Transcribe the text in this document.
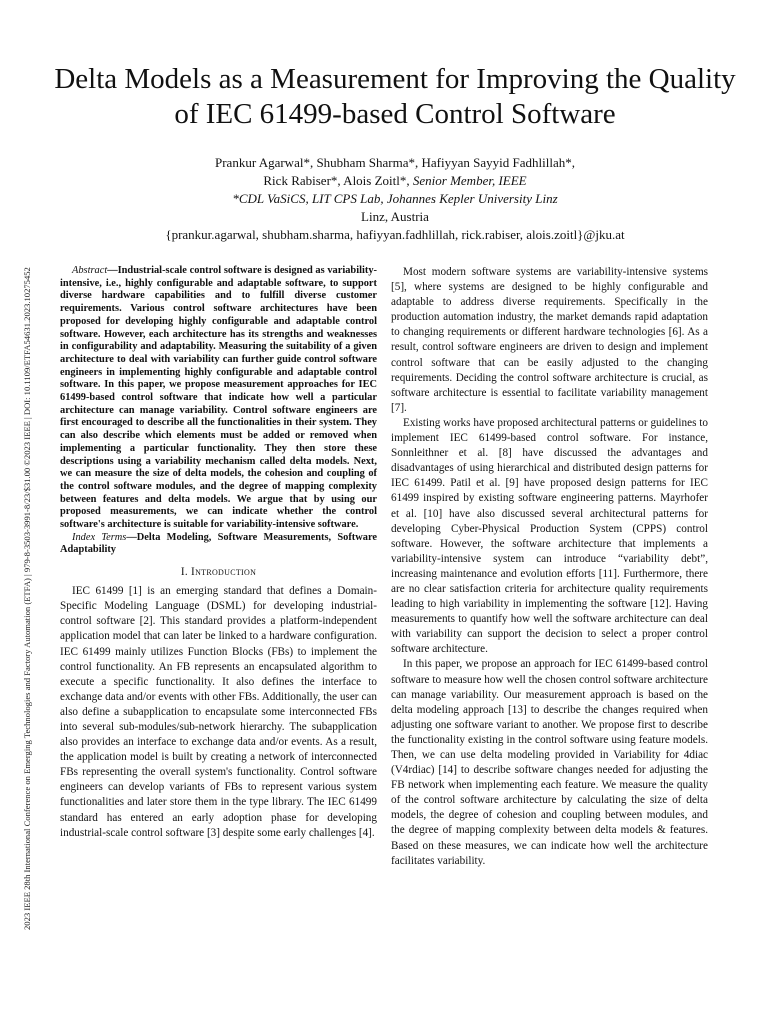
2023 IEEE 28th International Conference on Emerging Technologies and Factory Automation (ETFA) | 979-8-3503-3991-8/23/$31.00 ©2023 IEEE | DOI: 10.1109/ETFA54631.2023.10275452
Delta Models as a Measurement for Improving the Quality of IEC 61499-based Control Software
Prankur Agarwal*, Shubham Sharma*, Hafiyyan Sayyid Fadhlillah*,
Rick Rabiser*, Alois Zoitl*, Senior Member, IEEE
*CDL VaSiCS, LIT CPS Lab, Johannes Kepler University Linz
Linz, Austria
{prankur.agarwal, shubham.sharma, hafiyyan.fadhlillah, rick.rabiser, alois.zoitl}@jku.at

Abstract—Industrial-scale control software is designed as variability-intensive, i.e., highly configurable and adaptable software, to support diverse hardware capabilities and to fulfill diverse customer requirements. Various control software architectures have been proposed for developing highly configurable and adaptable control software. However, each architecture has its strengths and weaknesses in configurability and adaptability. Measuring the suitability of a given architecture to deal with variability can further guide control software engineers in implementing highly configurable and adaptable control software. In this paper, we propose measurement approaches for IEC 61499-based control software that indicate how well a particular architecture can manage variability. Control software engineers are first encouraged to describe all the functionalities in their system. They can also describe which elements must be added or removed when implementing a particular functionality. They then store these descriptions using a variability mechanism called delta models. Next, we can measure the size of delta models, the cohesion and coupling of the control software modules, and the degree of mapping complexity between features and delta models. We argue that by using our proposed measurements, we can indicate whether the control software's architecture is suitable for variability-intensive software.

Index Terms—Delta Modeling, Software Measurements, Software Adaptability

I. Introduction

IEC 61499 [1] is an emerging standard that defines a Domain-Specific Modeling Language (DSML) for developing industrial-control software [2]. This standard provides a platform-independent application model that can later be linked to a hardware configuration. IEC 61499 mainly utilizes Function Blocks (FBs) to implement the control functionality. An FB represents an encapsulated algorithm to execute a specific functionality. It also defines the interface to exchange data and/or events with other FBs. Additionally, the user can also define a subapplication to encapsulate some interconnected FBs into several sub-modules/sub-network hierarchy. The subapplication also provides an interface to exchange data and/or events. As a result, the application model is built by creating a network of interconnected FBs representing the overall system's functionality. Control software engineers can develop variants of FBs to represent various system functionalities and later store them in the type library. The IEC 61499 standard has entered an early adoption phase for developing industrial-scale control software [3] despite some early challenges [4].

Most modern software systems are variability-intensive systems [5], where systems are designed to be highly configurable and adaptable to address diverse requirements. Specifically in the production automation industry, the market demands rapid adaptation to changing requirements or different hardware technologies [6]. As a result, control software engineers are driven to design and implement control software that can be easily adjusted to the changing requirements. Deciding the control software architecture is crucial, as software architecture is essential to facilitate variability management [7].

Existing works have proposed architectural patterns or guidelines to implement IEC 61499-based control software. For instance, Sonnleithner et al. [8] have discussed the advantages and disadvantages of using hierarchical and distributed design patterns for IEC 61499. Patil et al. [9] have proposed design patterns for IEC 61499 inspired by existing software engineering patterns. Mayrhofer et al. [10] have also discussed several architectural patterns for developing Cyber-Physical Production System (CPPS) control software. However, the software architecture that implements a variability-intensive system can introduce “variability debt”, increasing maintenance and evolution efforts [11]. Furthermore, there are no clear satisfaction criteria for architecture quality requirements leading to high variability in implementing the software [12]. Having measurements to quantify how well the software architecture can deal with variability can support the decision to select a proper control software architecture.

In this paper, we propose an approach for IEC 61499-based control software to measure how well the chosen control software architecture can manage variability. Our measurement approach is based on the delta modeling approach [13] to describe the changes required when adjusting one software variant to another. We propose first to describe the functionality existing in the control software using feature models. Then, we can use delta modeling provided in Variability for 4diac (V4rdiac) [14] to describe software changes needed for adjusting the FB network when implementing each feature. We measure the quality of the control software architecture by calculating the size of delta models, the degree of cohesion and coupling between modules, and the degree of mapping complexity between delta models & features. Based on these measures, we can indicate how well the architecture facilitates variability.
